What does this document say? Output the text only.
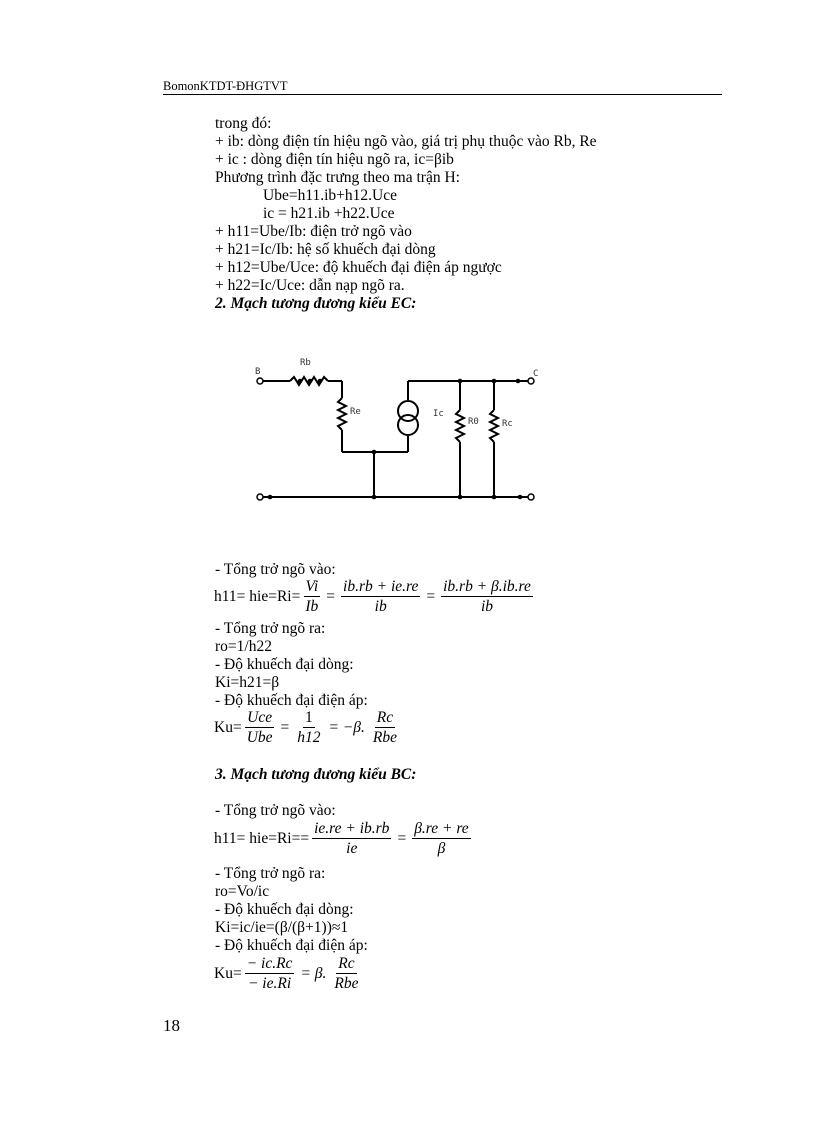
BomonKTDT-ĐHGTVT
trong đó:
+ ib: dòng điện tín hiệu ngõ vào, giá trị phụ thuộc vào Rb, Re
+ ic : dòng điện tín hiệu ngõ ra, ic=βib
Phương trình đặc trưng theo ma trận H:
Ube=h11.ib+h12.Uce
ic = h21.ib +h22.Uce
+ h11=Ube/Ib: điện trở ngõ vào
+ h21=Ic/Ib: hệ số khuếch đại dòng
+ h12=Ube/Uce: độ khuếch đại điện áp ngược
+ h22=Ic/Uce: dẫn nạp ngõ ra.
2. Mạch tương đương kiểu EC:
B	C
Rb
Re	Ic
R0	Rc
- Tổng trở ngõ vào:
$h11= hie=Ri= \frac{Vi}{Ib} = \frac{ib.rb + ie.re}{ib} = \frac{ib.rb + \beta.ib.re}{ib}$
- Tổng trở ngõ ra:
ro=1/h22
- Độ khuếch đại dòng:
Ki=h21=β
- Độ khuếch đại điện áp:
$Ku= \frac{\text{Uce}}{\text{Ube}} = \frac{1}{h12} = -\beta$. $\frac{Rc}{\text{Rbe}}$
3. Mạch tương đương kiểu BC:
- Tổng trở ngõ vào:
$h11= hie=Ri== \frac{ie.re + ib.rb}{ie} = \frac{\beta.re + re}{\beta}$
- Tổng trở ngõ ra:
ro=Vo/ic
- Độ khuếch đại dòng:
Ki=ic/ie=(β/(β+1))≈1
- Độ khuếch đại điện áp:
$Ku= \frac{- ic.Rc}{- ie.Ri} = \beta$. $\frac{Rc}{\text{Rbe}}$
18
